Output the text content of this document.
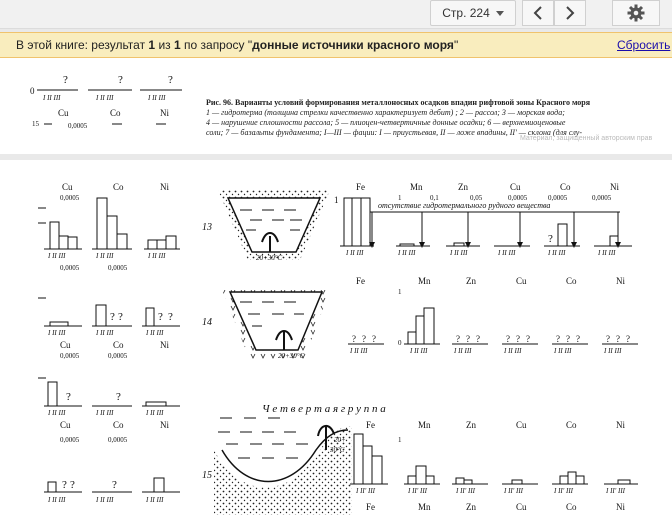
Стр. 224
В этой книге: результат 1 из 1 по запросу "донные источники красного моря"	Сбросить
0
?
I II III
?
I II III
?
I II III
Cu	Co	Ni
15	0,0005
Рис. 96. Варианты условий формирования металлоносных осадков впадин рифтовой зоны Красного моря
1 — гидротерма (толщина стрелки качественно характеризует дебит) ; 2 — рассол; 3 — морская вода;
4 — нарушение сплошности рассола; 5 — плиоцен-четвертичные донные осадки; 6 — верхнемиоценовые
соли; 7 — базальты фундамента; I—III — фации: I — приустьевая, II — ложе впадины, II' — склона (для слу-
Материал, защищенный авторским прав
Cu	Co	Ni
0,0005
I II III	I II III	I II III
0,0005	0,0005
? ?	? ?
I II III	I II III	I II III
Cu	Co	Ni
0,0005	0,0005
?	?
I II III	I II III	I II III
Cu	Co	Ni
0,0005	0,0005
? ?	?
I II III	I II III	I II III
13
20+30°C
1
I II III
Fe	Mn	Zn	Cu	Co	Ni
1	0,1	0,05	0,0005	0,0005	0,0005
отсутствие гидротермального рудного вещества
?
I II III	I II III	I II III	I II III	I II III
Fe	Mn	Zn	Cu	Co	Ni
14
20+30°C
? ? ?
I II III
1
0
I II III
? ? ?	? ? ?	? ? ?	? ? ?
I II III	I II III	I II III	I II III
Ч е т в е р т а я г р у п п а
15
20+
30°C
Fe	Mn	Zn	Cu	Co	Ni
I II' III
1
I II' III	I II' III	I II' III	I II' III	I II' III
Fe	Mn	Zn	Cu	Co	Ni
